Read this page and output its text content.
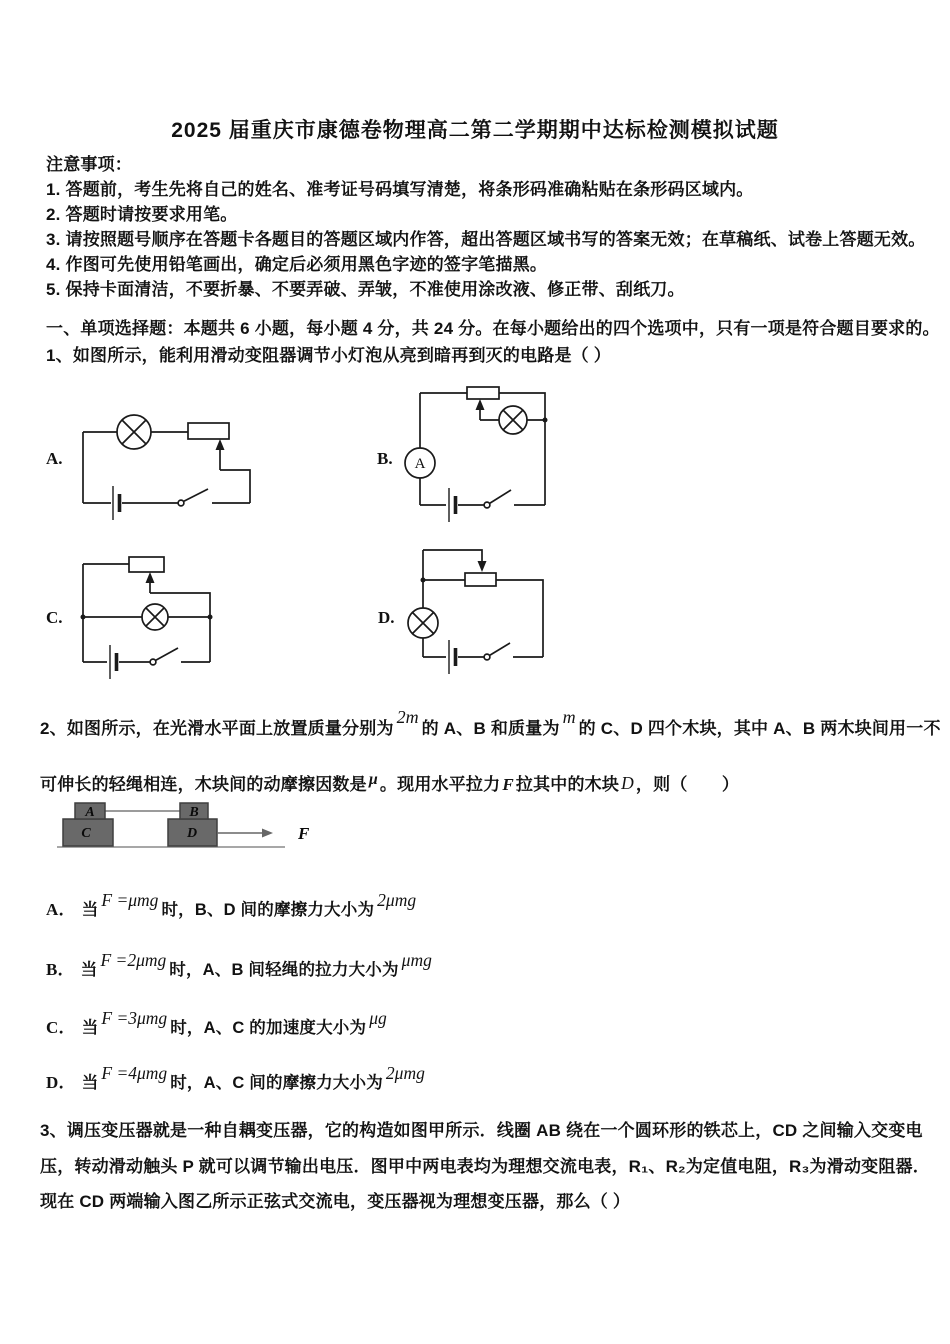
2025 届重庆市康德卷物理高二第二学期期中达标检测模拟试题
注意事项：
1. 答题前，考生先将自己的姓名、准考证号码填写清楚，将条形码准确粘贴在条形码区域内。
2. 答题时请按要求用笔。
3. 请按照题号顺序在答题卡各题目的答题区域内作答，超出答题区域书写的答案无效；在草稿纸、试卷上答题无效。
4. 作图可先使用铅笔画出，确定后必须用黑色字迹的签字笔描黑。
5. 保持卡面清洁，不要折暴、不要弄破、弄皱，不准使用涂改液、修正带、刮纸刀。
一、单项选择题：本题共 6 小题，每小题 4 分，共 24 分。在每小题给出的四个选项中，只有一项是符合题目要求的。
1、如图所示，能利用滑动变阻器调节小灯泡从亮到暗再到灭的电路是（ ）
A.	B.
C.	D.
A
2、如图所示，在光滑水平面上放置质量分别为2m的 A、B 和质量为m的 C、D 四个木块，其中 A、B 两木块间用一不
可伸长的轻绳相连，木块间的动摩擦因数是 μ 。现用水平拉力 F 拉其中的木块 D ，则（　　）
A	B
C	D	F
A． 当 F =μmg 时，B、D 间的摩擦力大小为 2μmg
B． 当 F =2μmg 时，A、B 间轻绳的拉力大小为 μmg
C． 当 F =3μmg 时，A、C 的加速度大小为 μg
D． 当 F =4μmg 时，A、C 间的摩擦力大小为 2μmg
3、调压变压器就是一种自耦变压器，它的构造如图甲所示．线圈 AB 绕在一个圆环形的铁芯上，CD 之间输入交变电
压，转动滑动触头 P 就可以调节输出电压．图甲中两电表均为理想交流电表，R₁、R₂为定值电阻，R₃为滑动变阻器．
现在 CD 两端输入图乙所示正弦式交流电，变压器视为理想变压器，那么（ ）
